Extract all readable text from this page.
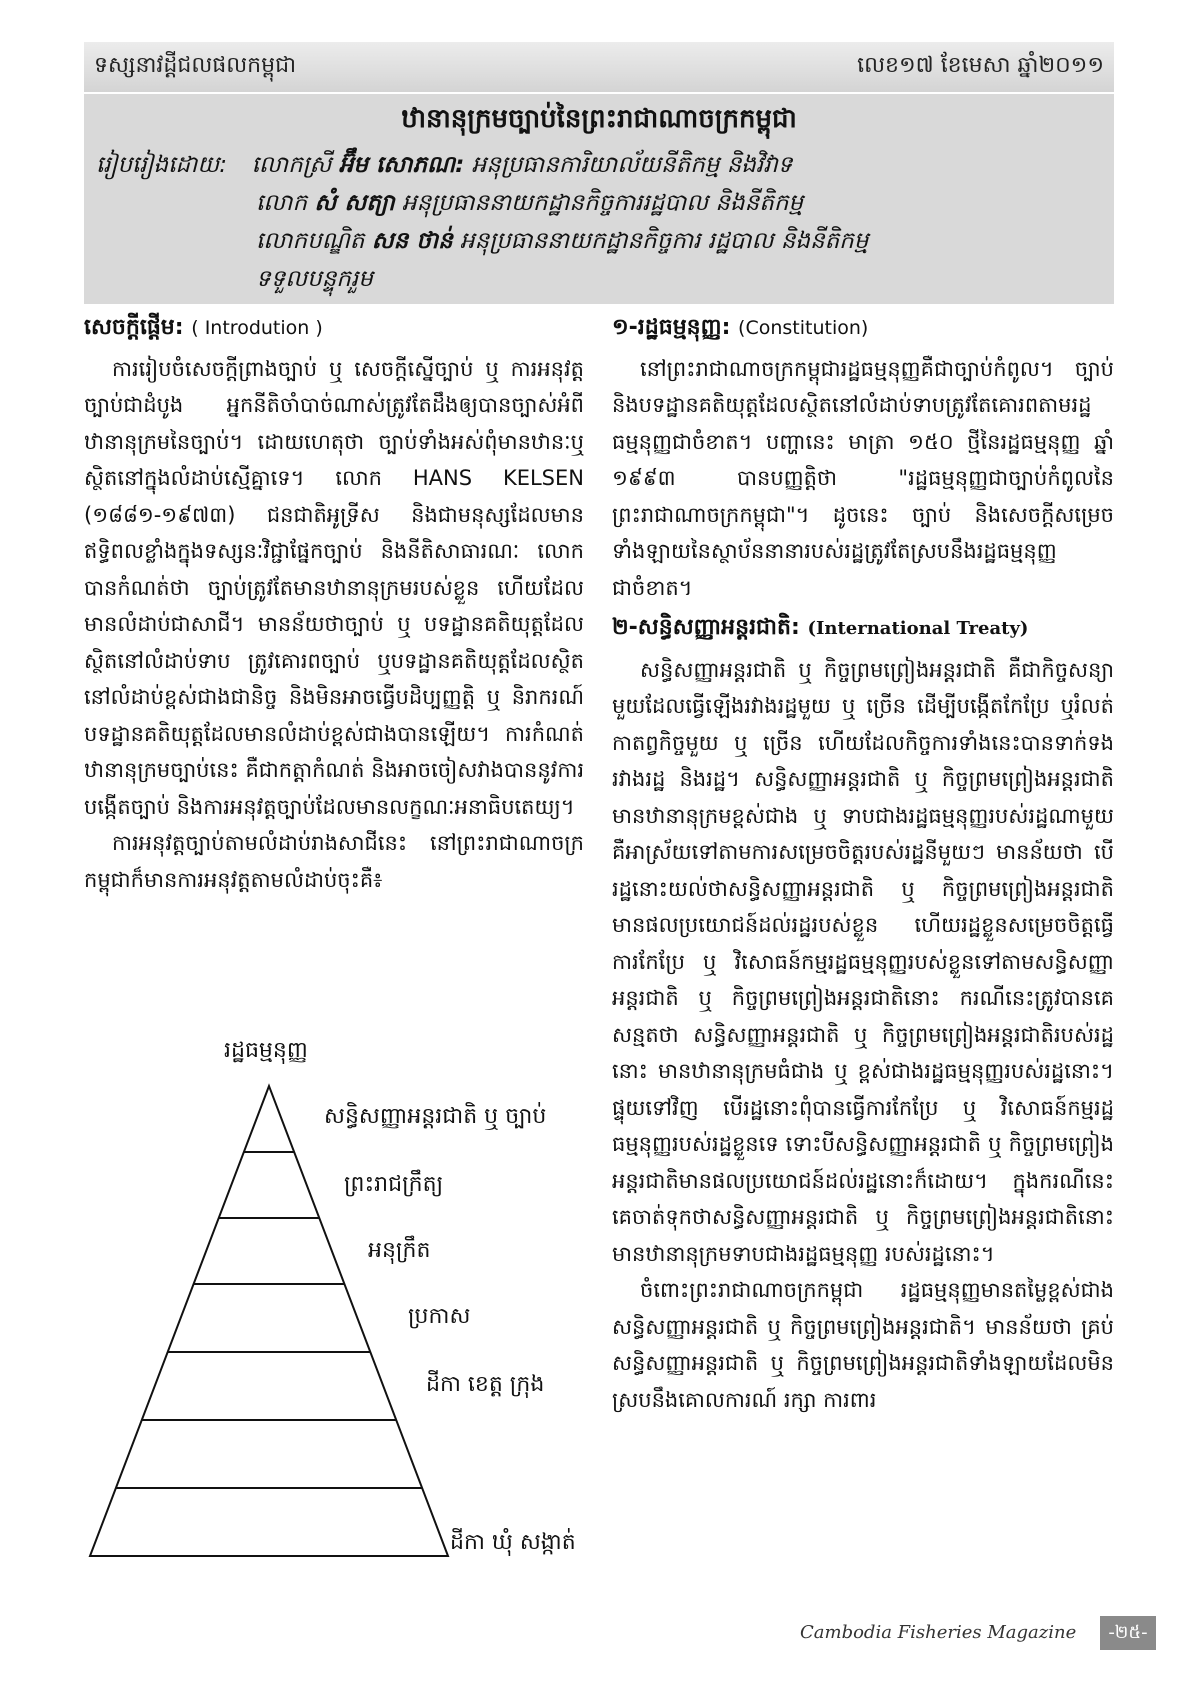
ទស្សនាវដ្តីជលផលកម្ពុជា	លេខ១៧ ខែមេសា ឆ្នាំ២០១១
ឋានានុក្រមច្បាប់នៃព្រះរាជាណាចក្រកម្ពុជា
រៀបរៀងដោយ: លោកស្រី អ៊ឹម សោភណ: អនុប្រធានការិយាល័យនីតិកម្ម និងវិវាទ
លោក សំ សត្យា អនុប្រធាននាយកដ្ឋានកិច្ចការរដ្ឋបាល និងនីតិកម្ម
លោកបណ្ឌិត សន ថាន់ អនុប្រធាននាយកដ្ឋានកិច្ចការ រដ្ឋបាល និងនីតិកម្ម
ទទួលបន្ទុករួម
សេចក្តីផ្តើម: ( Introdution )

ការរៀបចំសេចក្តីព្រាងច្បាប់ ឬ សេចក្តីស្នើច្បាប់ ឬ ការអនុវត្តច្បាប់ជាដំបូង អ្នកនីតិចាំបាច់ណាស់ត្រូវតែដឹងឲ្យបានច្បាស់អំពីឋានានុក្រមនៃច្បាប់។ ដោយហេតុថា ច្បាប់ទាំងអស់ពុំមានឋានៈឬ ស្ថិតនៅក្នុងលំដាប់ស្មើគ្នាទេ។ លោក HANS KELSEN (១៨៨១-១៩៧៣) ជនជាតិអូទ្រីស និងជាមនុស្សដែលមានឥទ្ធិពលខ្លាំងក្នុងទស្សនៈវិជ្ជាផ្នែកច្បាប់ និងនីតិសាធារណៈ លោកបានកំណត់ថា ច្បាប់ត្រូវតែមានឋានានុក្រមរបស់ខ្លួន ហើយដែលមានលំដាប់ជាសាជី។ មានន័យថាច្បាប់ ឬ បទដ្ឋានគតិយុត្តដែលស្ថិតនៅលំដាប់ទាប ត្រូវគោរពច្បាប់ ឬបទដ្ឋានគតិយុត្តដែលស្ថិតនៅលំដាប់ខ្ពស់ជាងជានិច្ច និងមិនអាចធ្វើបដិប្បញ្ញត្តិ ឬ និរាករណ៍បទដ្ឋានគតិយុត្តដែលមានលំដាប់ខ្ពស់ជាងបានឡើយ។ ការកំណត់ឋានានុក្រមច្បាប់នេះ គឺជាកត្តាកំណត់ និងអាចចៀសវាងបាននូវការបង្កើតច្បាប់ និងការអនុវត្តច្បាប់ដែលមានលក្ខណៈអនាធិបតេយ្យ។

ការអនុវត្តច្បាប់តាមលំដាប់រាងសាជីនេះ នៅព្រះរាជាណាចក្រកម្ពុជាក៏មានការអនុវត្តតាមលំដាប់ចុះគឺ៖

រដ្ឋធម្មនុញ្ញ
សន្ធិសញ្ញាអន្តរជាតិ ឬ ច្បាប់
ព្រះរាជក្រឹត្យ
អនុក្រឹត
ប្រកាស
ដីកា ខេត្ត ក្រុង
ដីកា ឃុំ សង្កាត់
១-រដ្ឋធម្មនុញ្ញ: (Constitution)

នៅព្រះរាជាណាចក្រកម្ពុជារដ្ឋធម្មនុញ្ញគឺជាច្បាប់កំពូល។ ច្បាប់ និងបទដ្ឋានគតិយុត្តដែលស្ថិតនៅលំដាប់ទាបត្រូវតែគោរពតាមរដ្ឋធម្មនុញ្ញជាចំខាត។ បញ្ហានេះ មាត្រា ១៥០ ថ្មីនៃរដ្ឋធម្មនុញ្ញ ឆ្នាំ ១៩៩៣ បានបញ្ញត្តិថា "រដ្ឋធម្មនុញ្ញជាច្បាប់កំពូលនៃព្រះរាជាណាចក្រកម្ពុជា"។ ដូចនេះ ច្បាប់ និងសេចក្តីសម្រេចទាំងឡាយនៃស្ថាប័ននានារបស់រដ្ឋត្រូវតែស្របនឹងរដ្ឋធម្មនុញ្ញជាចំខាត។

២-សន្ធិសញ្ញាអន្តរជាតិ: (International Treaty)

សន្ធិសញ្ញាអន្តរជាតិ ឬ កិច្ចព្រមព្រៀងអន្តរជាតិ គឺជាកិច្ចសន្យាមួយដែលធ្វើឡើងរវាងរដ្ឋមួយ ឬ ច្រើន ដើម្បីបង្កើតកែប្រែ ឬរំលត់កាតព្វកិច្ចមួយ ឬ ច្រើន ហើយដែលកិច្ចការទាំងនេះបានទាក់ទងរវាងរដ្ឋ និងរដ្ឋ។ សន្ធិសញ្ញាអន្តរជាតិ ឬ កិច្ចព្រមព្រៀងអន្តរជាតិមានឋានានុក្រមខ្ពស់ជាង ឬ ទាបជាងរដ្ឋធម្មនុញ្ញរបស់រដ្ឋណាមួយ គឺអាស្រ័យទៅតាមការសម្រេចចិត្តរបស់រដ្ឋនីមួយៗ មានន័យថា បើរដ្ឋនោះយល់ថាសន្ធិសញ្ញាអន្តរជាតិ ឬ កិច្ចព្រមព្រៀងអន្តរជាតិមានផលប្រយោជន៍ដល់រដ្ឋរបស់ខ្លួន ហើយរដ្ឋខ្លួនសម្រេចចិត្តធ្វើការកែប្រែ ឬ វិសោធន៍កម្មរដ្ឋធម្មនុញ្ញរបស់ខ្លួនទៅតាមសន្ធិសញ្ញាអន្តរជាតិ ឬ កិច្ចព្រមព្រៀងអន្តរជាតិនោះ ករណីនេះត្រូវបានគេសន្មតថា សន្ធិសញ្ញាអន្តរជាតិ ឬ កិច្ចព្រមព្រៀងអន្តរជាតិរបស់រដ្ឋនោះ មានឋានានុក្រមធំជាង ឬ ខ្ពស់ជាងរដ្ឋធម្មនុញ្ញរបស់រដ្ឋនោះ។ ផ្ទុយទៅវិញ បើរដ្ឋនោះពុំបានធ្វើការកែប្រែ ឬ វិសោធន៍កម្មរដ្ឋធម្មនុញ្ញរបស់រដ្ឋខ្លួនទេ ទោះបីសន្ធិសញ្ញាអន្តរជាតិ ឬ កិច្ចព្រមព្រៀងអន្តរជាតិមានផលប្រយោជន៍ដល់រដ្ឋនោះក៏ដោយ។ ក្នុងករណីនេះ គេចាត់ទុកថាសន្ធិសញ្ញាអន្តរជាតិ ឬ កិច្ចព្រមព្រៀងអន្តរជាតិនោះ មានឋានានុក្រមទាបជាងរដ្ឋធម្មនុញ្ញ របស់រដ្ឋនោះ។

ចំពោះព្រះរាជាណាចក្រកម្ពុជា រដ្ឋធម្មនុញ្ញមានតម្លៃខ្ពស់ជាងសន្ធិសញ្ញាអន្តរជាតិ ឬ កិច្ចព្រមព្រៀងអន្តរជាតិ។ មានន័យថា គ្រប់សន្ធិសញ្ញាអន្តរជាតិ ឬ កិច្ចព្រមព្រៀងអន្តរជាតិទាំងឡាយដែលមិនស្របនឹងគោលការណ៍ រក្សា ការពារ

Cambodia Fisheries Magazine	-២៥-
